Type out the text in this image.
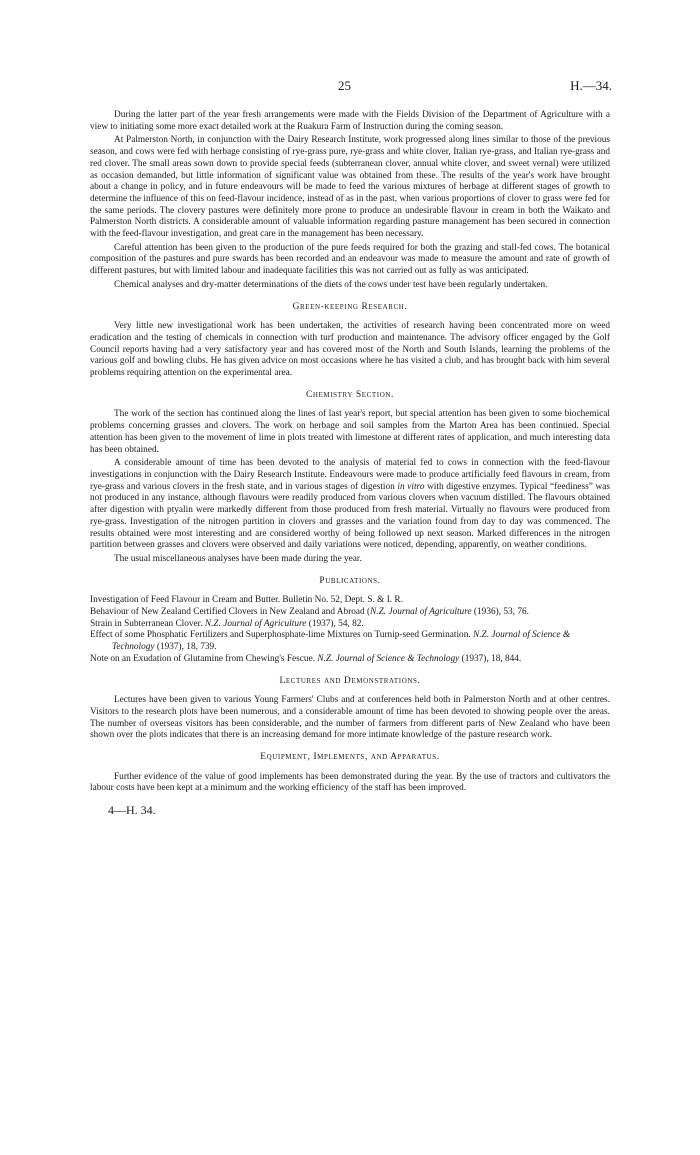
25	H.—34.

During the latter part of the year fresh arrangements were made with the Fields Division of the Department of Agriculture with a view to initiating some more exact detailed work at the Ruakura Farm of Instruction during the coming season.

At Palmerston North, in conjunction with the Dairy Research Institute, work progressed along lines similar to those of the previous season, and cows were fed with herbage consisting of rye-grass pure, rye-grass and white clover, Italian rye-grass, and Italian rye-grass and red clover. The small areas sown down to provide special feeds (subterranean clover, annual white clover, and sweet vernal) were utilized as occasion demanded, but little information of significant value was obtained from these. The results of the year's work have brought about a change in policy, and in future endeavours will be made to feed the various mixtures of herbage at different stages of growth to determine the influence of this on feed-flavour incidence, instead of as in the past, when various proportions of clover to grass were fed for the same periods. The clovery pastures were definitely more prone to produce an undesirable flavour in cream in both the Waikato and Palmerston North districts. A considerable amount of valuable information regarding pasture management has been secured in connection with the feed-flavour investigation, and great care in the management has been necessary.

Careful attention has been given to the production of the pure feeds required for both the grazing and stall-fed cows. The botanical composition of the pastures and pure swards has been recorded and an endeavour was made to measure the amount and rate of growth of different pastures, but with limited labour and inadequate facilities this was not carried out as fully as was anticipated.

Chemical analyses and dry-matter determinations of the diets of the cows under test have been regularly undertaken.

Green-keeping Research.

Very little new investigational work has been undertaken, the activities of research having been concentrated more on weed eradication and the testing of chemicals in connection with turf production and maintenance. The advisory officer engaged by the Golf Council reports having had a very satisfactory year and has covered most of the North and South Islands, learning the problems of the various golf and bowling clubs. He has given advice on most occasions where he has visited a club, and has brought back with him several problems requiring attention on the experimental area.

Chemistry Section.

The work of the section has continued along the lines of last year's report, but special attention has been given to some biochemical problems concerning grasses and clovers. The work on herbage and soil samples from the Marton Area has been continued. Special attention has been given to the movement of lime in plots treated with limestone at different rates of application, and much interesting data has been obtained.

A considerable amount of time has been devoted to the analysis of material fed to cows in connection with the feed-flavour investigations in conjunction with the Dairy Research Institute. Endeavours were made to produce artificially feed flavours in cream, from rye-grass and various clovers in the fresh state, and in various stages of digestion in vitro with digestive enzymes. Typical “feediness” was not produced in any instance, although flavours were readily produced from various clovers when vacuum distilled. The flavours obtained after digestion with ptyalin were markedly different from those produced from fresh material. Virtually no flavours were produced from rye-grass. Investigation of the nitrogen partition in clovers and grasses and the variation found from day to day was commenced. The results obtained were most interesting and are considered worthy of being followed up next season. Marked differences in the nitrogen partition between grasses and clovers were observed and daily variations were noticed, depending, apparently, on weather conditions.

The usual miscellaneous analyses have been made during the year.

Publications.

Investigation of Feed Flavour in Cream and Butter. Bulletin No. 52, Dept. S. & I. R.

Behaviour of New Zealand Certified Clovers in New Zealand and Abroad (N.Z. Journal of Agriculture (1936), 53, 76.

Strain in Subterranean Clover. N.Z. Journal of Agriculture (1937), 54, 82.

Effect of some Phosphatic Fertilizers and Superphosphate-lime Mixtures on Turnip-seed Germination. N.Z. Journal of Science & Technology (1937), 18, 739.

Note on an Exudation of Glutamine from Chewing's Fescue. N.Z. Journal of Science & Technology (1937), 18, 844.

Lectures and Demonstrations.

Lectures have been given to various Young Farmers' Clubs and at conferences held both in Palmerston North and at other centres. Visitors to the research plots have been numerous, and a considerable amount of time has been devoted to showing people over the areas. The number of overseas visitors has been considerable, and the number of farmers from different parts of New Zealand who have been shown over the plots indicates that there is an increasing demand for more intimate knowledge of the pasture research work.

Equipment, Implements, and Apparatus.

Further evidence of the value of good implements has been demonstrated during the year. By the use of tractors and cultivators the labour costs have been kept at a minimum and the working efficiency of the staff has been improved.

4—H. 34.
